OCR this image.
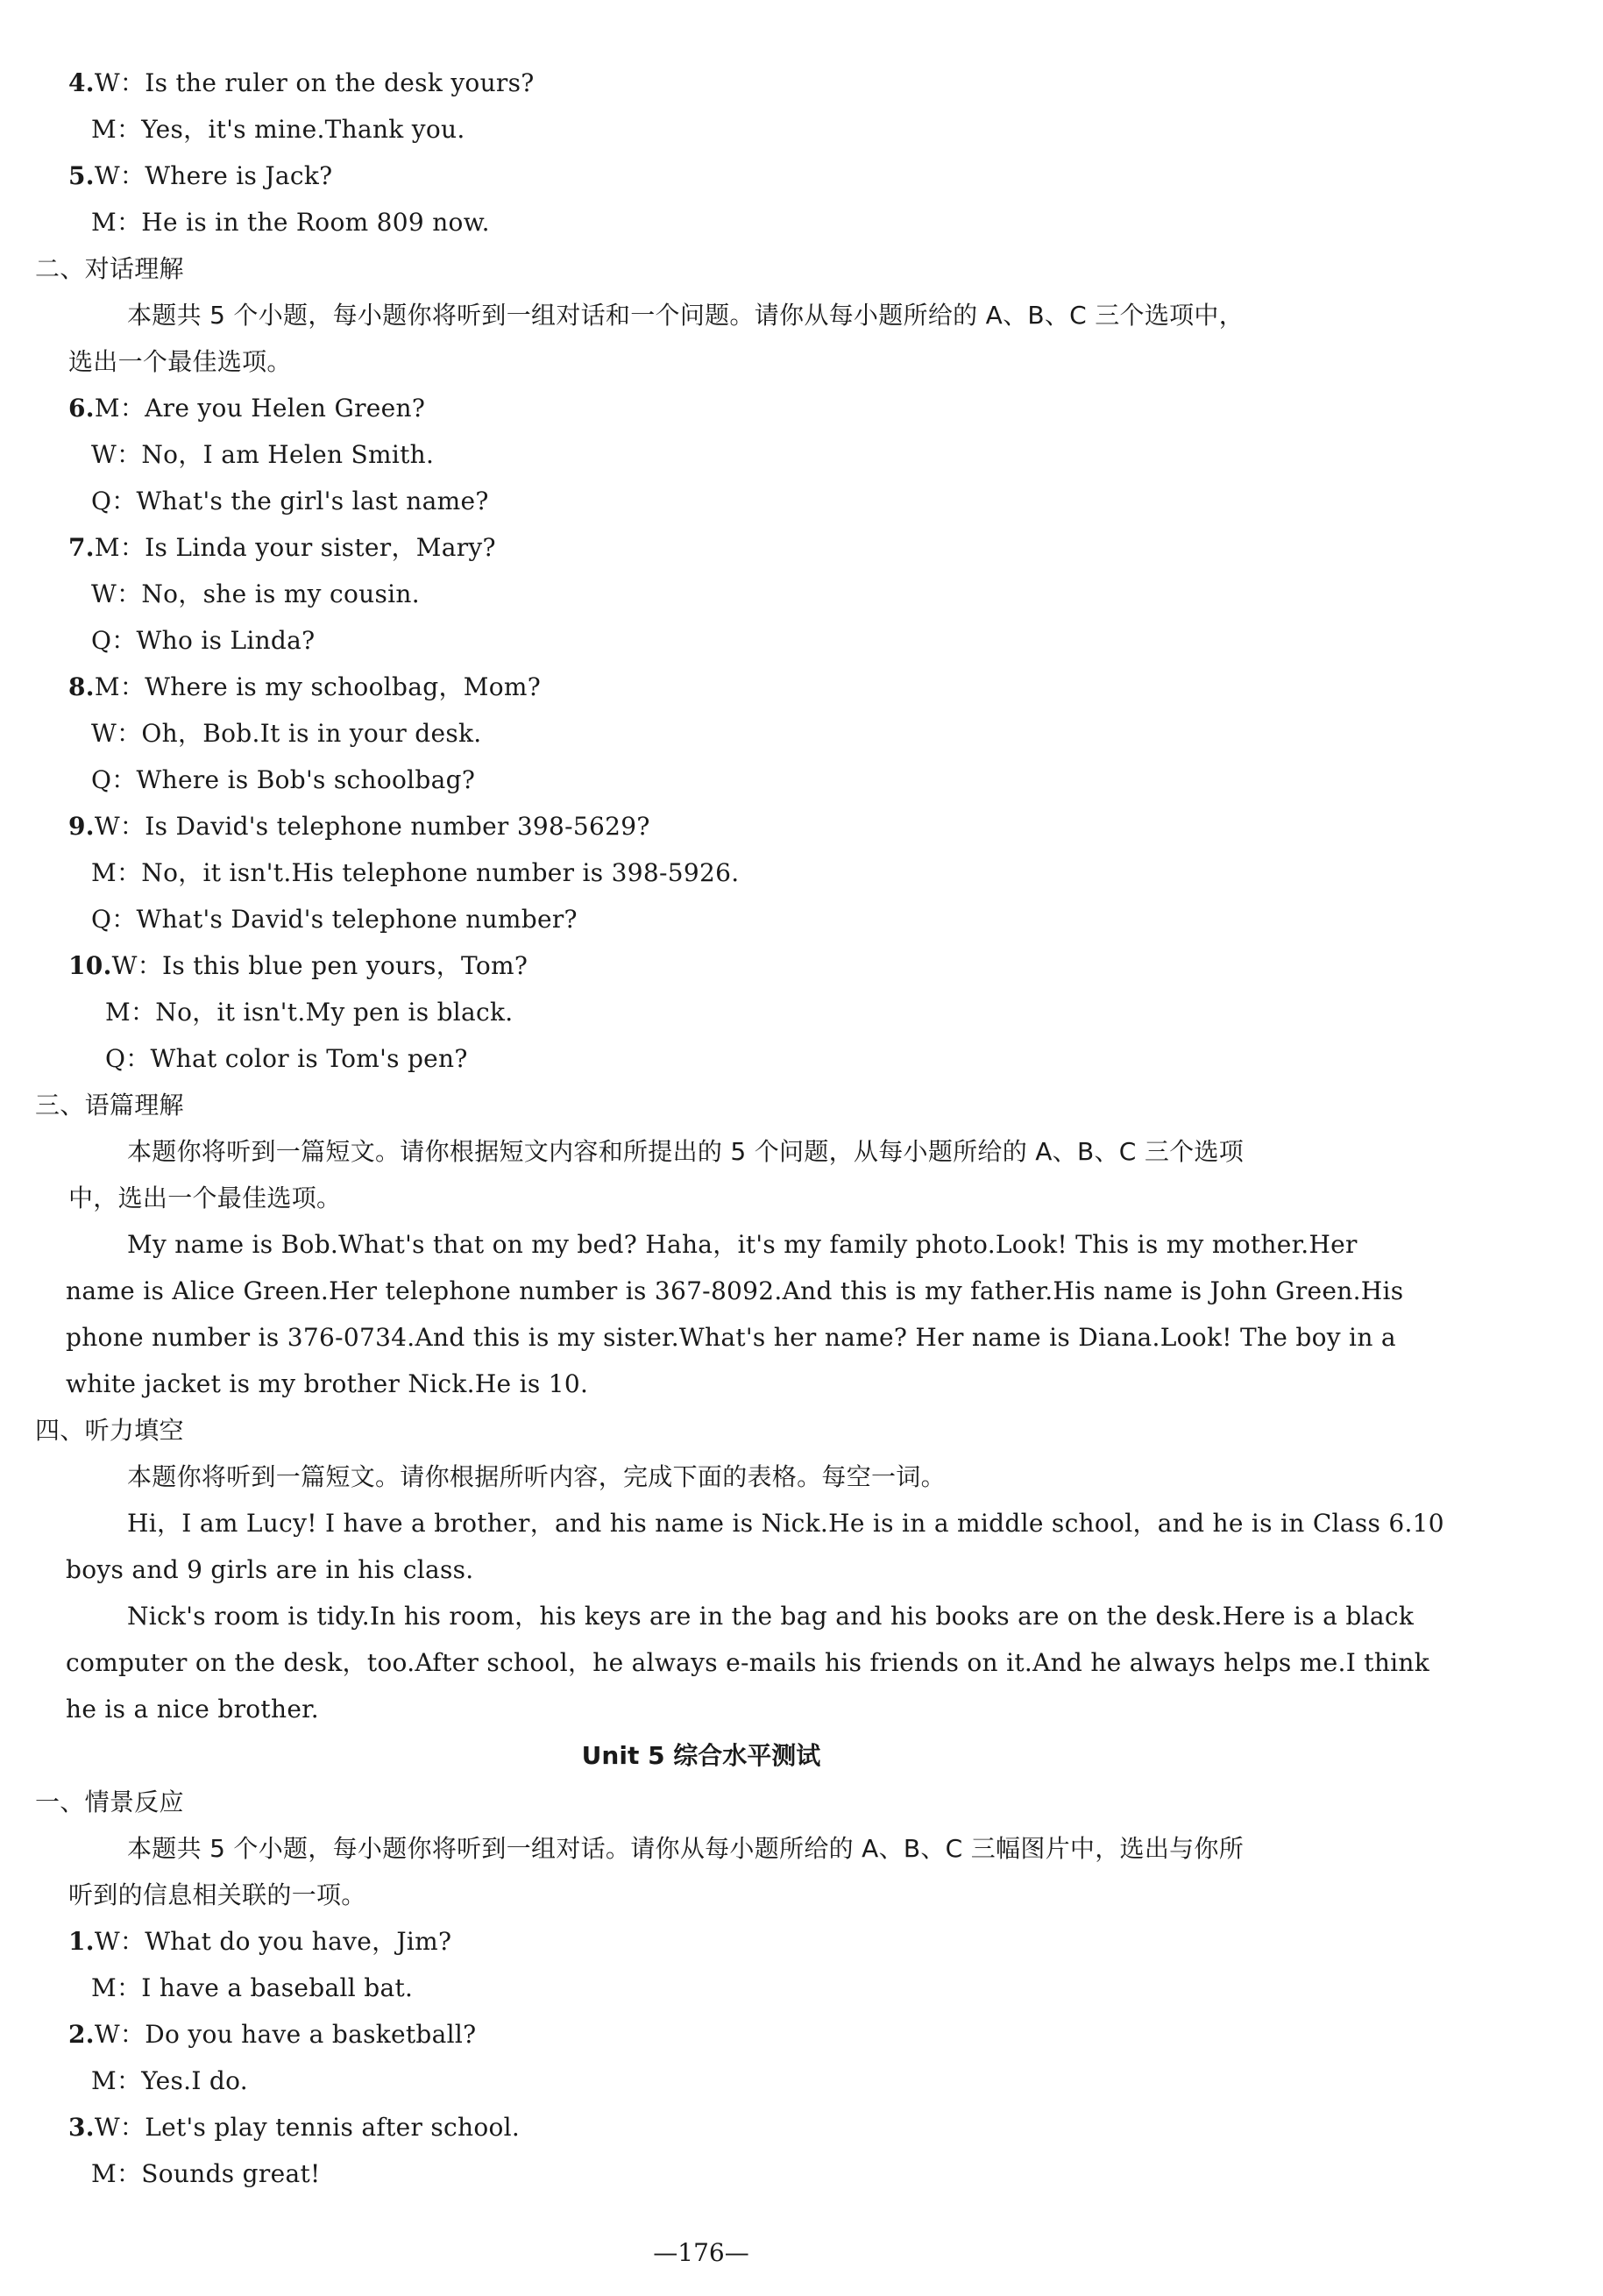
4.W：Is the ruler on the desk yours?
M：Yes，it's mine.Thank you.
5.W：Where is Jack?
M：He is in the Room 809 now.
二、对话理解
本题共 5 个小题，每小题你将听到一组对话和一个问题。请你从每小题所给的 A、B、C 三个选项中，
选出一个最佳选项。
6.M：Are you Helen Green?
W：No，I am Helen Smith.
Q：What's the girl's last name?
7.M：Is Linda your sister，Mary?
W：No，she is my cousin.
Q：Who is Linda?
8.M：Where is my schoolbag，Mom?
W：Oh，Bob.It is in your desk.
Q：Where is Bob's schoolbag?
9.W：Is David's telephone number 398-5629?
M：No，it isn't.His telephone number is 398-5926.
Q：What's David's telephone number?
10.W：Is this blue pen yours，Tom?
M：No，it isn't.My pen is black.
Q：What color is Tom's pen?
三、语篇理解
本题你将听到一篇短文。请你根据短文内容和所提出的 5 个问题，从每小题所给的 A、B、C 三个选项
中，选出一个最佳选项。
My name is Bob.What's that on my bed? Haha，it's my family photo.Look! This is my mother.Her
name is Alice Green.Her telephone number is 367-8092.And this is my father.His name is John Green.His
phone number is 376-0734.And this is my sister.What's her name? Her name is Diana.Look! The boy in a
white jacket is my brother Nick.He is 10.
四、听力填空
本题你将听到一篇短文。请你根据所听内容，完成下面的表格。每空一词。
Hi，I am Lucy! I have a brother，and his name is Nick.He is in a middle school，and he is in Class 6.10
boys and 9 girls are in his class.
Nick's room is tidy.In his room，his keys are in the bag and his books are on the desk.Here is a black
computer on the desk，too.After school，he always e-mails his friends on it.And he always helps me.I think
he is a nice brother.
Unit 5 综合水平测试
一、情景反应
本题共 5 个小题，每小题你将听到一组对话。请你从每小题所给的 A、B、C 三幅图片中，选出与你所
听到的信息相关联的一项。
1.W：What do you have，Jim?
M：I have a baseball bat.
2.W：Do you have a basketball?
M：Yes.I do.
3.W：Let's play tennis after school.
M：Sounds great!
—176—
